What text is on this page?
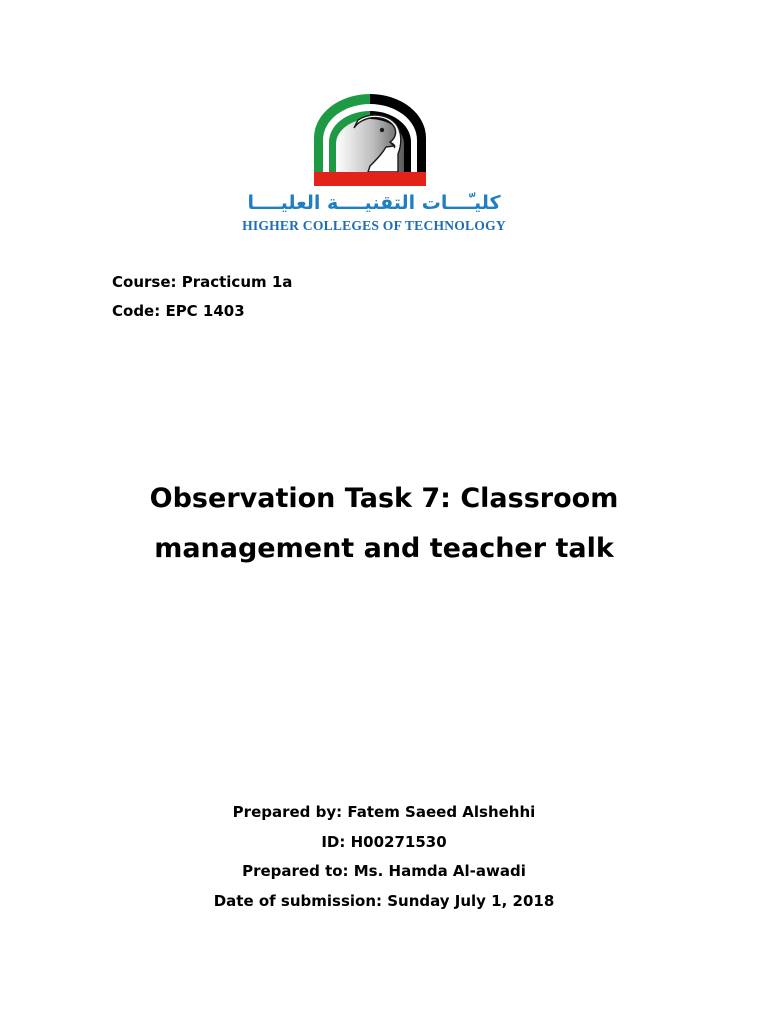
كليـّـــات التقنيــــة العليــــا
HIGHER COLLEGES OF TECHNOLOGY
Course: Practicum 1a
Code: EPC 1403
Observation Task 7: Classroom
management and teacher talk
Prepared by: Fatem Saeed Alshehhi
ID: H00271530
Prepared to: Ms. Hamda Al-awadi
Date of submission: Sunday July 1, 2018
